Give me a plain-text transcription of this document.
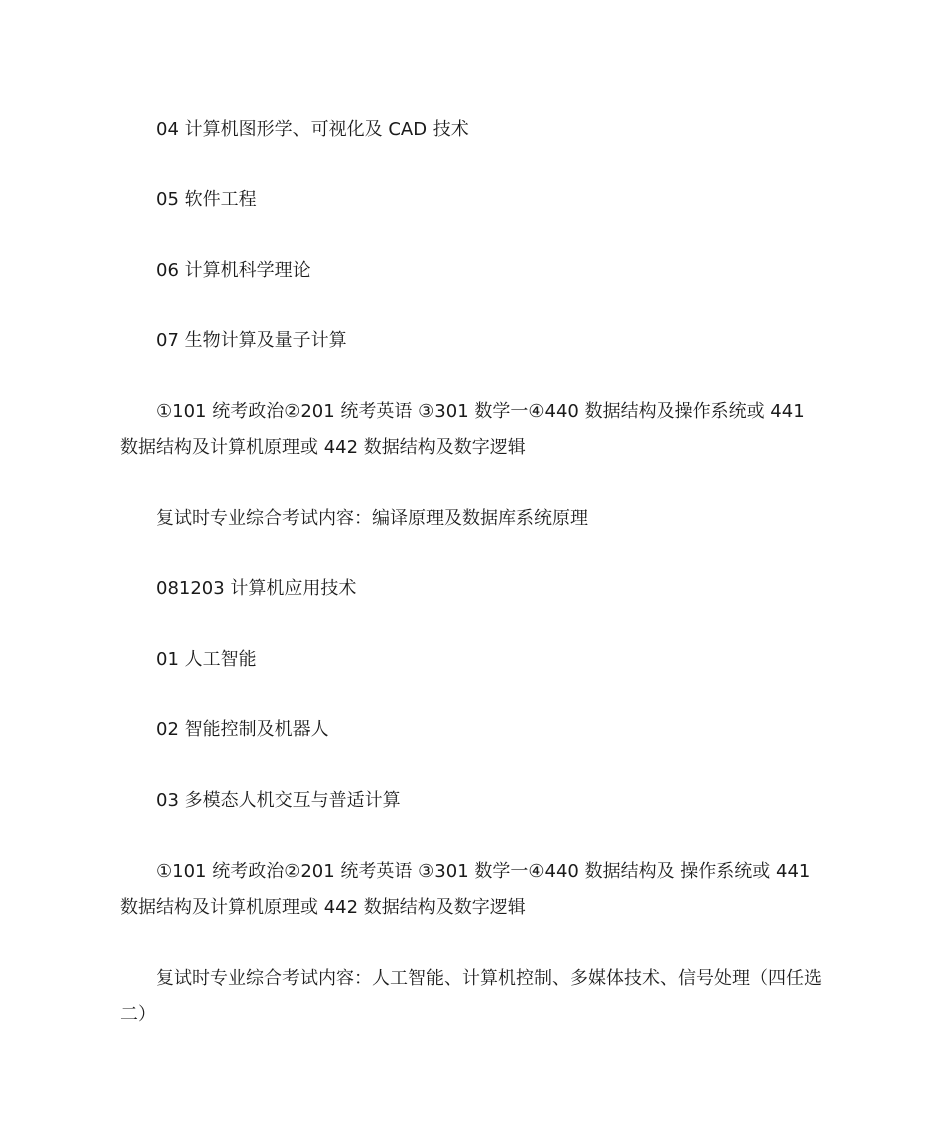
04 计算机图形学、可视化及 CAD 技术

05 软件工程

06 计算机科学理论

07 生物计算及量子计算

①101 统考政治②201 统考英语 ③301 数学一④440 数据结构及操作系统或 441 数据结构及计算机原理或 442 数据结构及数字逻辑

复试时专业综合考试内容：编译原理及数据库系统原理

081203 计算机应用技术

01 人工智能

02 智能控制及机器人

03 多模态人机交互与普适计算

①101 统考政治②201 统考英语 ③301 数学一④440 数据结构及 操作系统或 441 数据结构及计算机原理或 442 数据结构及数字逻辑

复试时专业综合考试内容：人工智能、计算机控制、多媒体技术、信号处理（四任选二）
